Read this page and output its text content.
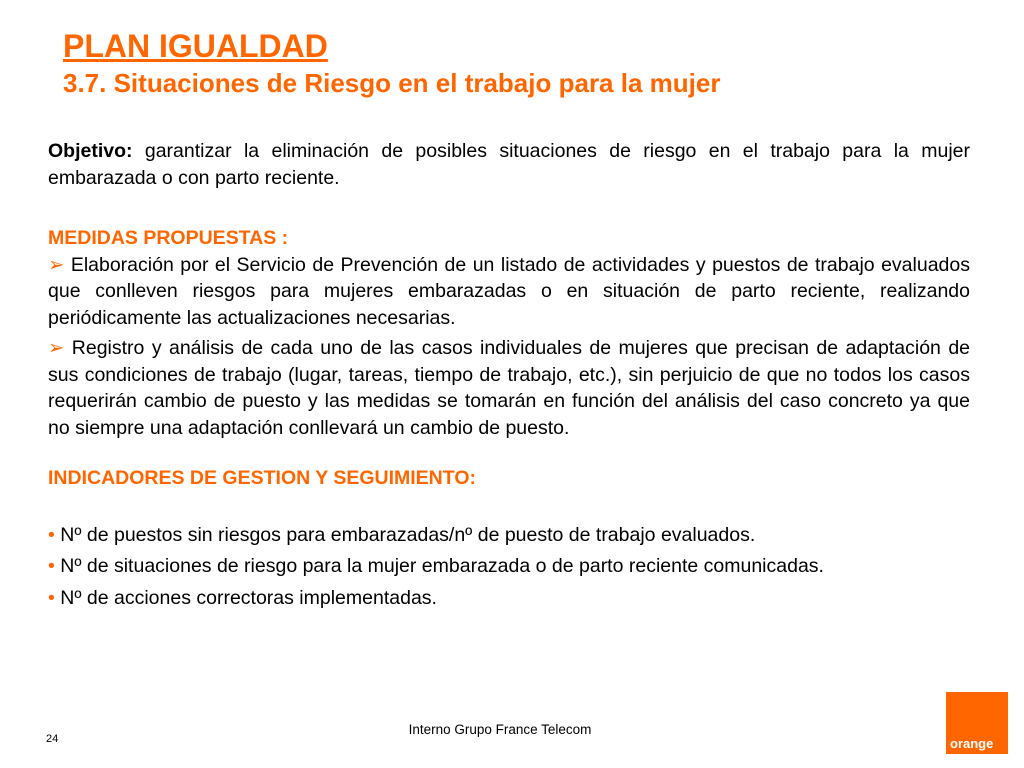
PLAN IGUALDAD
3.7. Situaciones de Riesgo en el trabajo para la mujer

Objetivo: garantizar la eliminación de posibles situaciones de riesgo en el trabajo para la mujer embarazada o con parto reciente.

MEDIDAS PROPUESTAS :

➢ Elaboración por el Servicio de Prevención de un listado de actividades y puestos de trabajo evaluados que conlleven riesgos para mujeres embarazadas o en situación de parto reciente, realizando periódicamente las actualizaciones necesarias.

➢ Registro y análisis de cada uno de las casos individuales de mujeres que precisan de adaptación de sus condiciones de trabajo (lugar, tareas, tiempo de trabajo, etc.), sin perjuicio de que no todos los casos requerirán cambio de puesto y las medidas se tomarán en función del análisis del caso concreto ya que no siempre una adaptación conllevará un cambio de puesto.

INDICADORES DE GESTION Y SEGUIMIENTO:

• Nº de puestos sin riesgos para embarazadas/nº de puesto de trabajo evaluados.

• Nº de situaciones de riesgo para la mujer embarazada o de parto reciente comunicadas.

• Nº de acciones correctoras implementadas.

Interno Grupo France Telecom
24	orange
